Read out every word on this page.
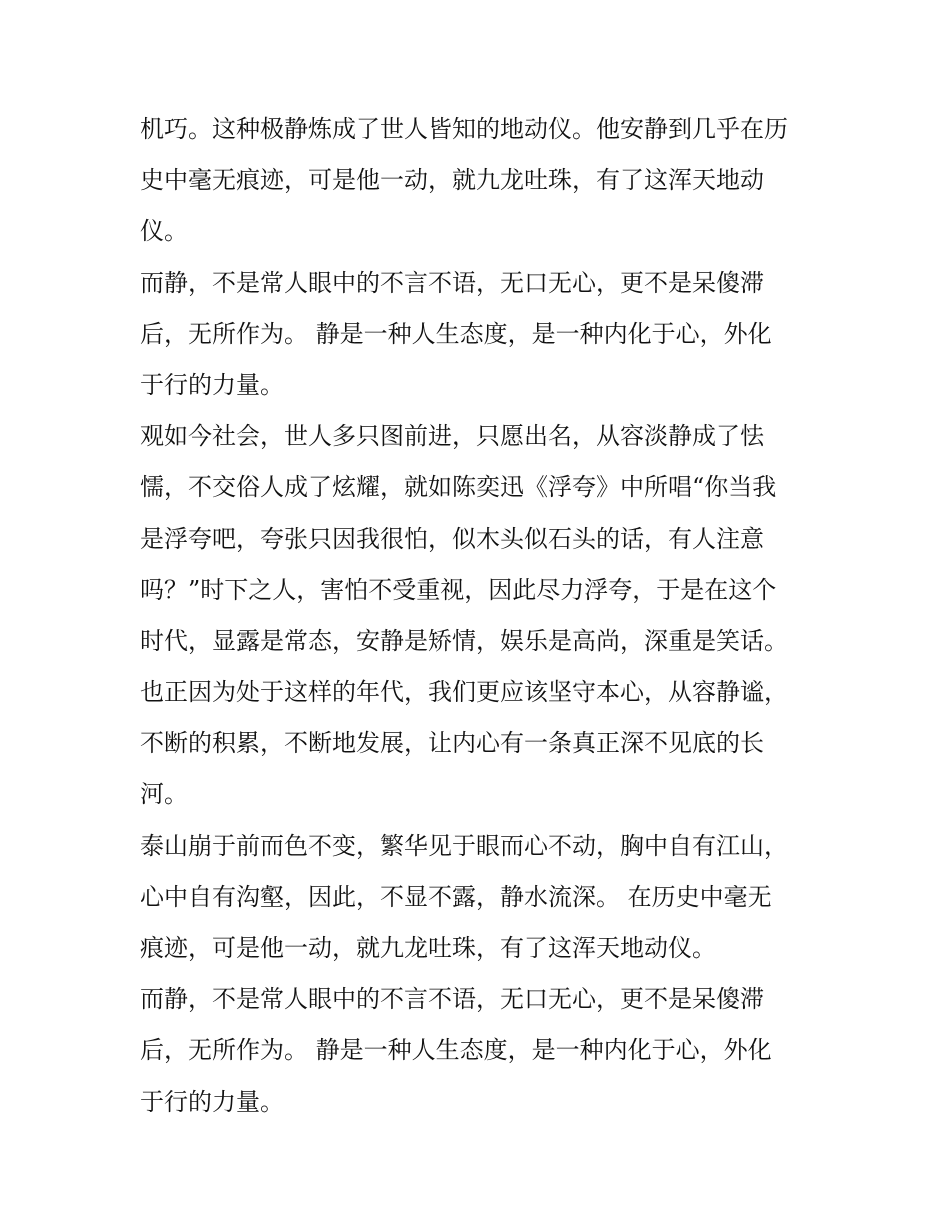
机巧。这种极静炼成了世人皆知的地动仪。他安静到几乎在历

史中毫无痕迹，可是他一动，就九龙吐珠，有了这浑天地动

仪。

而静，不是常人眼中的不言不语，无口无心，更不是呆傻滞

后，无所作为。 静是一种人生态度，是一种内化于心，外化

于行的力量。

观如今社会，世人多只图前进，只愿出名，从容淡静成了怯

懦，不交俗人成了炫耀，就如陈奕迅《浮夸》中所唱“你当我

是浮夸吧，夸张只因我很怕，似木头似石头的话，有人注意

吗？”时下之人，害怕不受重视，因此尽力浮夸，于是在这个

时代，显露是常态，安静是矫情，娱乐是高尚，深重是笑话。

也正因为处于这样的年代，我们更应该坚守本心，从容静谧，

不断的积累，不断地发展，让内心有一条真正深不见底的长

河。

泰山崩于前而色不变，繁华见于眼而心不动，胸中自有江山，

心中自有沟壑，因此，不显不露，静水流深。 在历史中毫无

痕迹，可是他一动，就九龙吐珠，有了这浑天地动仪。

而静，不是常人眼中的不言不语，无口无心，更不是呆傻滞

后，无所作为。 静是一种人生态度，是一种内化于心，外化

于行的力量。
